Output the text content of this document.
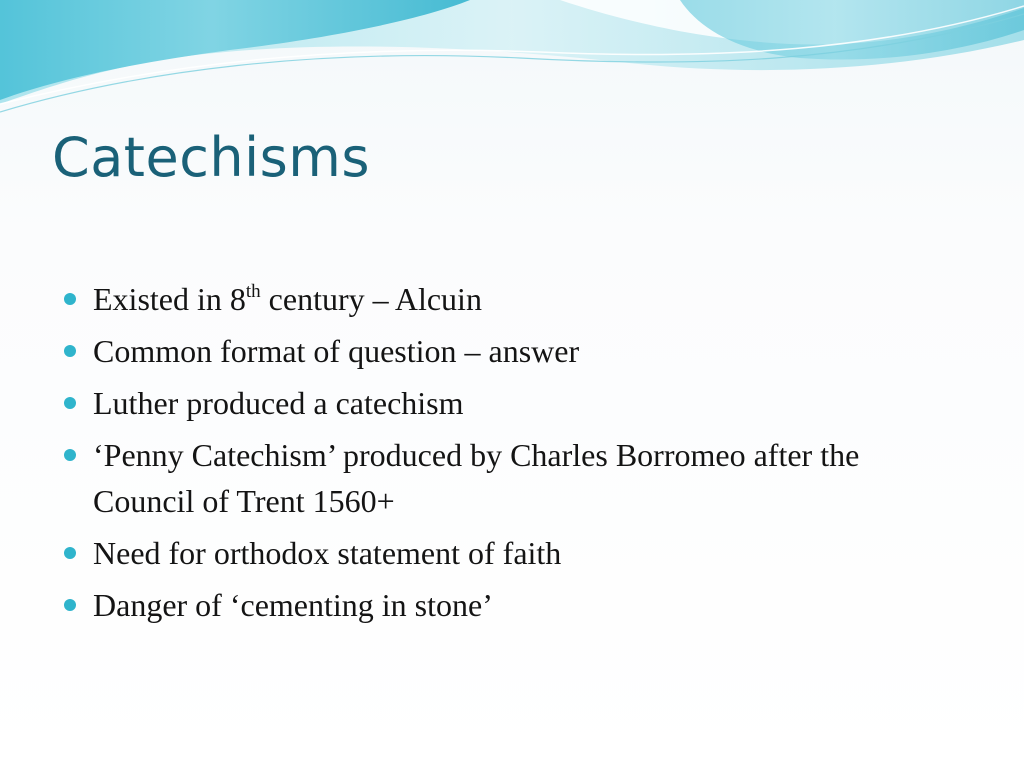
Catechisms
Existed in 8th century – Alcuin
Common format of question – answer
Luther produced a catechism
‘Penny Catechism’ produced by Charles Borromeo after the Council of Trent 1560+
Need for orthodox statement of faith
Danger of ‘cementing in stone’
